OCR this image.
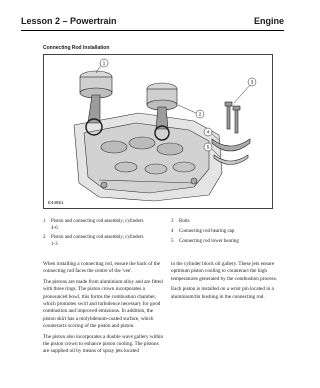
Lesson 2 – Powertrain	Engine
Connecting Rod Installation
1
2
3
4
5
E44851
1	Piston and connecting rod assembly, cylinders
4-6
2	Piston and connecting rod assembly, cylinders
1-3
3	Bolts
4	Connecting rod bearing cap
5	Connecting rod lower bearing

When installing a connecting rod, ensure the back of the connecting rod faces the centre of the 'vee'.

The pistons are made from aluminium alloy and are fitted with three rings. The piston crown incorporates a pronounced bowl, this forms the combustion chamber, which promotes swirl and turbulence necessary for good combustion and improved emissions. In addition, the piston skirt has a molybdenum-coated surface, which counteracts scoring of the piston and piston.

The piston also incorporates a double wave gallery within the piston crown to enhance piston cooling. The pistons are supplied oil by means of spray jets located

in the cylinder block oil gallery. These jets ensure optimum piston cooling to counteract the high temperatures generated by the combustion process.

Each piston is installed on a wrist pin located in a aluminium/tin bushing in the connecting rod.
